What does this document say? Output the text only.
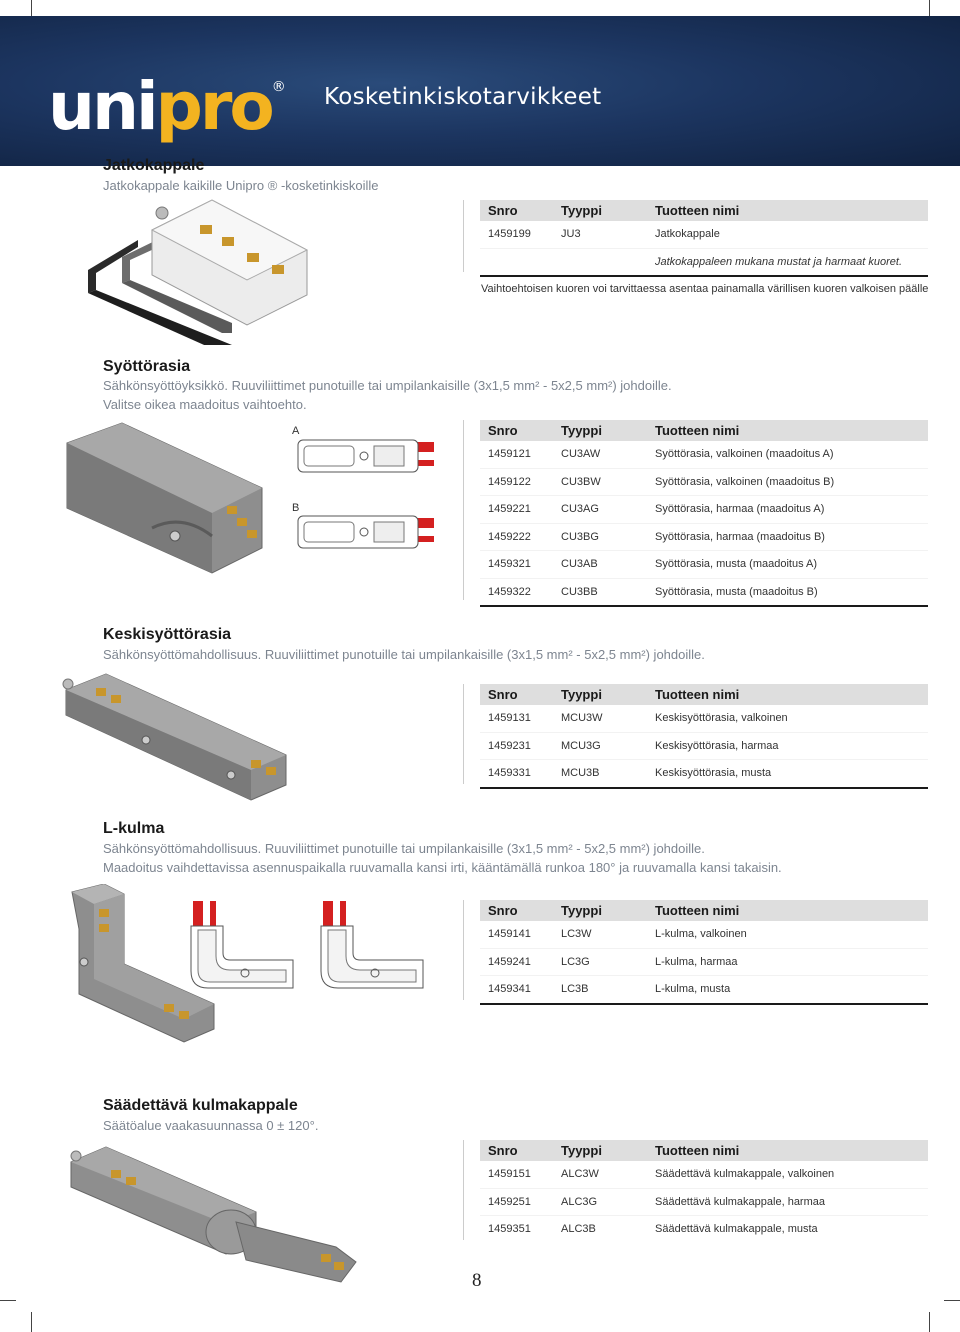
unipro ® Kosketinkiskotarvikkeet
Jatkokappale
Jatkokappale kaikille Unipro ® -kosketinkiskoille
Snro	Tyyppi	Tuotteen nimi
1459199	JU3	Jatkokappale
Jatkokappaleen mukana mustat ja harmaat kuoret.
Vaihtoehtoisen kuoren voi tarvittaessa asentaa painamalla värillisen kuoren valkoisen päälle
Syöttörasia
Sähkönsyöttöyksikkö. Ruuviliittimet punotuille tai umpilankaisille (3x1,5 mm² - 5x2,5 mm²) johdoille.
Valitse oikea maadoitus vaihtoehto.
A
B
Snro	Tyyppi	Tuotteen nimi
1459121	CU3AW	Syöttörasia, valkoinen (maadoitus A)
1459122	CU3BW	Syöttörasia, valkoinen (maadoitus B)
1459221	CU3AG	Syöttörasia, harmaa (maadoitus A)
1459222	CU3BG	Syöttörasia, harmaa (maadoitus B)
1459321	CU3AB	Syöttörasia, musta (maadoitus A)
1459322	CU3BB	Syöttörasia, musta (maadoitus B)
Keskisyöttörasia
Sähkönsyöttömahdollisuus. Ruuviliittimet punotuille tai umpilankaisille (3x1,5 mm² - 5x2,5 mm²) johdoille.
Snro	Tyyppi	Tuotteen nimi
1459131	MCU3W	Keskisyöttörasia, valkoinen
1459231	MCU3G	Keskisyöttörasia, harmaa
1459331	MCU3B	Keskisyöttörasia, musta
L-kulma
Sähkönsyöttömahdollisuus. Ruuviliittimet punotuille tai umpilankaisille (3x1,5 mm² - 5x2,5 mm²) johdoille.
Maadoitus vaihdettavissa asennuspaikalla ruuvamalla kansi irti, kääntämällä runkoa 180° ja ruuvamalla kansi takaisin.
Snro	Tyyppi	Tuotteen nimi
1459141	LC3W	L-kulma, valkoinen
1459241	LC3G	L-kulma, harmaa
1459341	LC3B	L-kulma, musta
Säädettävä kulmakappale
Säätöalue vaakasuunnassa 0 ± 120°.
Snro	Tyyppi	Tuotteen nimi
1459151	ALC3W	Säädettävä kulmakappale, valkoinen
1459251	ALC3G	Säädettävä kulmakappale, harmaa
1459351	ALC3B	Säädettävä kulmakappale, musta
8
